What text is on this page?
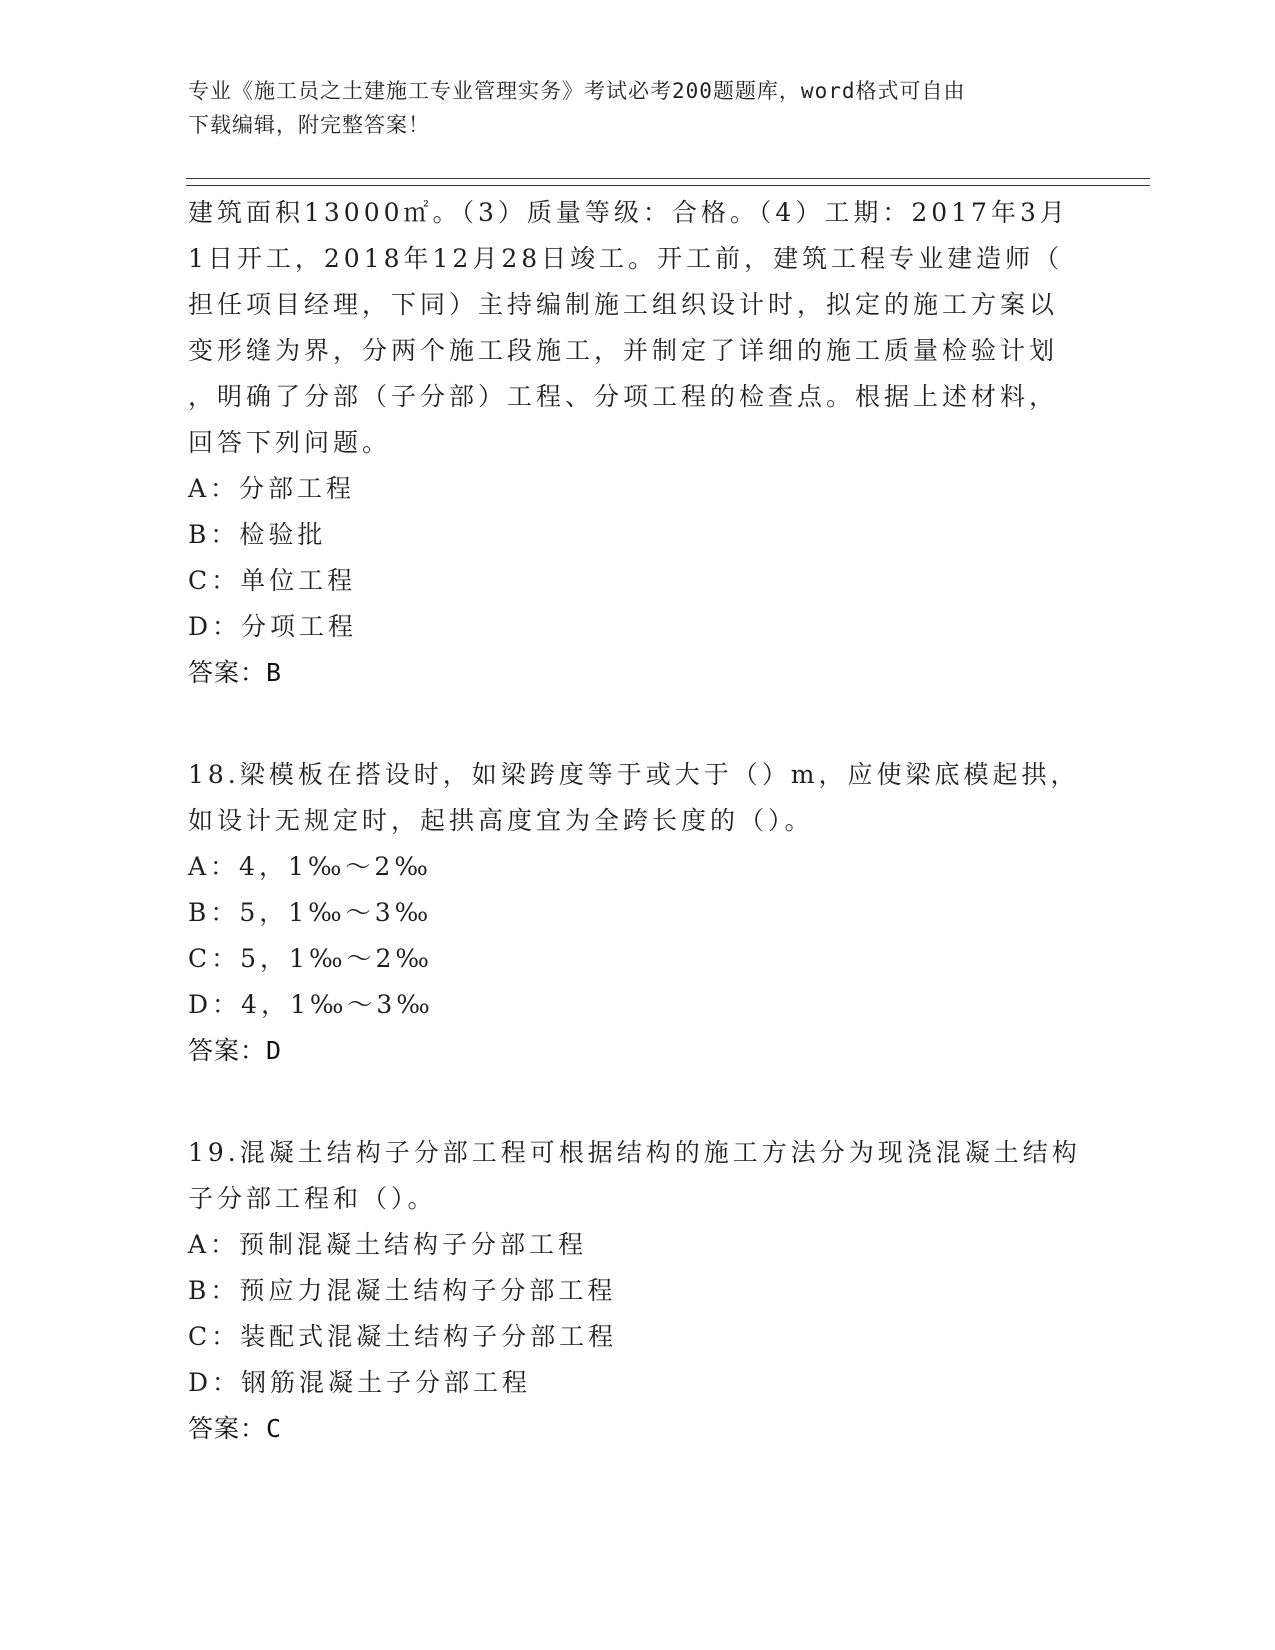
专业《施工员之土建施工专业管理实务》考试必考200题题库，word格式可自由
下载编辑，附完整答案！
建筑面积13000㎡。（3）质量等级：合格。（4）工期：2017年3月
1日开工，2018年12月28日竣工。开工前，建筑工程专业建造师（
担任项目经理，下同）主持编制施工组织设计时，拟定的施工方案以
变形缝为界，分两个施工段施工，并制定了详细的施工质量检验计划
，明确了分部（子分部）工程、分项工程的检查点。根据上述材料，
回答下列问题。
A：分部工程
B：检验批
C：单位工程
D：分项工程
答案：B
18.梁模板在搭设时，如梁跨度等于或大于（）m，应使梁底模起拱，
如设计无规定时，起拱高度宜为全跨长度的（）。
A：4，1‰～2‰
B：5，1‰～3‰
C：5，1‰～2‰
D：4，1‰～3‰
答案：D
19.混凝土结构子分部工程可根据结构的施工方法分为现浇混凝土结构
子分部工程和（）。
A：预制混凝土结构子分部工程
B：预应力混凝土结构子分部工程
C：装配式混凝土结构子分部工程
D：钢筋混凝土子分部工程
答案：C
